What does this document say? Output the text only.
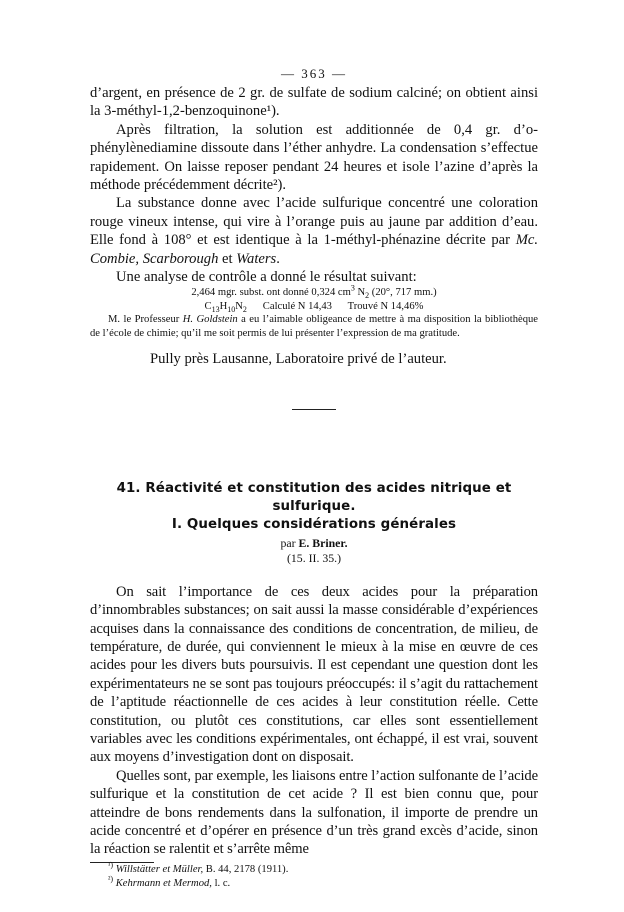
— 363 —

d’argent, en présence de 2 gr. de sulfate de sodium calciné; on obtient ainsi la 3-méthyl-1,2-benzoquinone¹).

Après filtration, la solution est additionnée de 0,4 gr. d’o-phénylènediamine dissoute dans l’éther anhydre. La condensation s’effectue rapidement. On laisse reposer pendant 24 heures et isole l’azine d’après la méthode précédemment décrite²).

La substance donne avec l’acide sulfurique concentré une coloration rouge vineux intense, qui vire à l’orange puis au jaune par addition d’eau. Elle fond à 108° et est identique à la 1-méthyl-phénazine décrite par Mc. Combie, Scarborough et Waters.

Une analyse de contrôle a donné le résultat suivant:

2,464 mgr. subst. ont donné 0,324 $cm^3$ $N_2$ (20°, 717 mm.)
$C_{13}H_{10}N_2$      Calculé N 14,43      Trouvé N 14,46%

M. le Professeur H. Goldstein a eu l’aimable obligeance de mettre à ma disposition la bibliothèque de l’école de chimie; qu’il me soit permis de lui présenter l’expression de ma gratitude.

Pully près Lausanne, Laboratoire privé de l’auteur.

41. Réactivité et constitution des acides nitrique et sulfurique.
I. Quelques considérations générales
par E. Briner.
(15. II. 35.)

On sait l’importance de ces deux acides pour la préparation d’innombrables substances; on sait aussi la masse considérable d’expériences acquises dans la connaissance des conditions de concentration, de milieu, de température, de durée, qui conviennent le mieux à la mise en œuvre de ces acides pour les divers buts poursuivis. Il est cependant une question dont les expérimentateurs ne se sont pas toujours préoccupés: il s’agit du rattachement de l’aptitude réactionnelle de ces acides à leur constitution réelle. Cette constitution, ou plutôt ces constitutions, car elles sont essentiellement variables avec les conditions expérimentales, ont échappé, il est vrai, souvent aux moyens d’investigation dont on disposait.

Quelles sont, par exemple, les liaisons entre l’action sulfonante de l’acide sulfurique et la constitution de cet acide ? Il est bien connu que, pour atteindre de bons rendements dans la sulfonation, il importe de prendre un acide concentré et d’opérer en présence d’un très grand excès d’acide, sinon la réaction se ralentit et s’arrête même

$^{^1)}$ Willstätter et Müller, B. 44, 2178 (1911).
$^{^2)}$ Kehrmann et Mermod, l. c.
